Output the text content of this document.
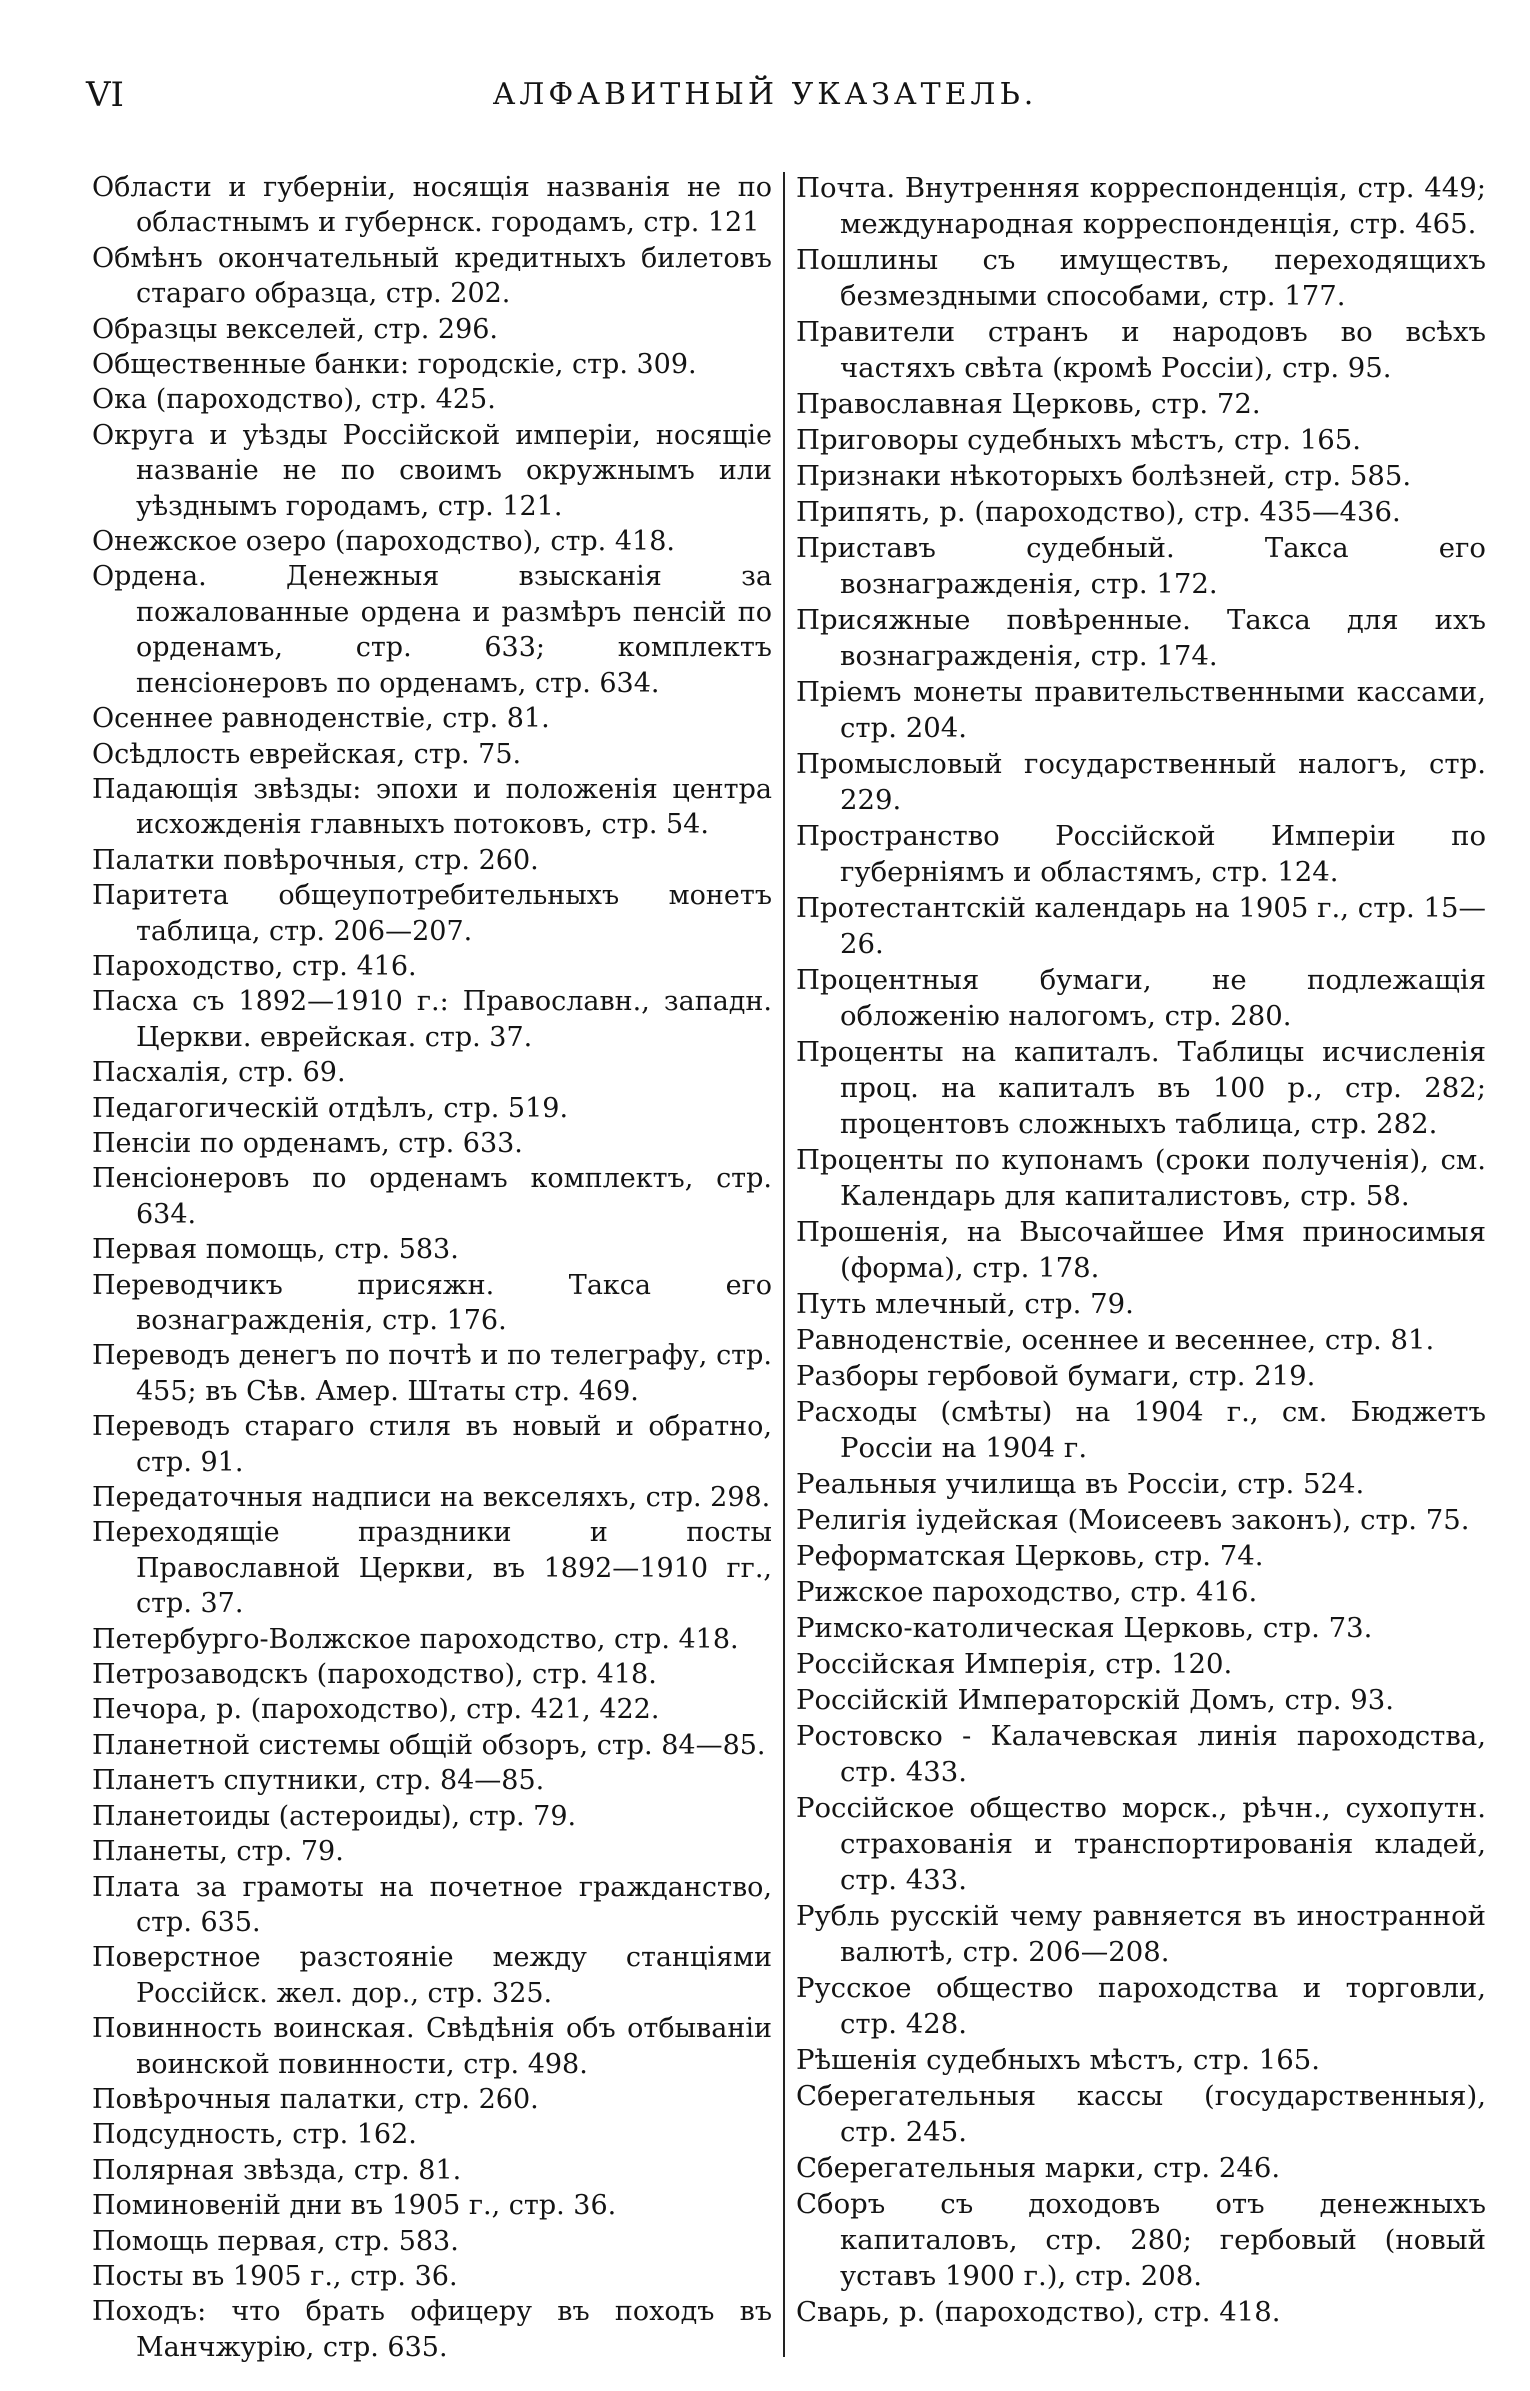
VI	АЛФАВИТНЫЙ УКАЗАТЕЛЬ.
Области и губерніи, носящія названія не по областнымъ и губернск. городамъ, стр. 121
Обмѣнъ окончательный кредитныхъ билетовъ стараго образца, стр. 202.
Образцы векселей, стр. 296.
Общественные банки: городскіе, стр. 309.
Ока (пароходство), стр. 425.
Округа и уѣзды Россійской имперіи, носящіе названіе не по своимъ окружнымъ или уѣзднымъ городамъ, стр. 121.
Онежское озеро (пароходство), стр. 418.
Ордена. Денежныя взысканія за пожалованные ордена и размѣръ пенсій по орденамъ, стр. 633; комплектъ пенсіонеровъ по орденамъ, стр. 634.
Осеннее равноденствіе, стр. 81.
Осѣдлость еврейская, стр. 75.
Падающія звѣзды: эпохи и положенія центра исхожденія главныхъ потоковъ, стр. 54.
Палатки повѣрочныя, стр. 260.
Паритета общеупотребительныхъ монетъ таблица, стр. 206—207.
Пароходство, стр. 416.
Пасха съ 1892—1910 г.: Православн., западн. Церкви. еврейская. стр. 37.
Пасхалія, стр. 69.
Педагогическій отдѣлъ, стр. 519.
Пенсіи по орденамъ, стр. 633.
Пенсіонеровъ по орденамъ комплектъ, стр. 634.
Первая помощь, стр. 583.
Переводчикъ присяжн. Такса его вознагражденія, стр. 176.
Переводъ денегъ по почтѣ и по телеграфу, стр. 455; въ Сѣв. Амер. Штаты стр. 469.
Переводъ стараго стиля въ новый и обратно, стр. 91.
Передаточныя надписи на векселяхъ, стр. 298.
Переходящіе праздники и посты Православной Церкви, въ 1892—1910 гг., стр. 37.
Петербурго-Волжское пароходство, стр. 418.
Петрозаводскъ (пароходство), стр. 418.
Печора, р. (пароходство), стр. 421, 422.
Планетной системы общій обзоръ, стр. 84—85.
Планетъ спутники, стр. 84—85.
Планетоиды (астероиды), стр. 79.
Планеты, стр. 79.
Плата за грамоты на почетное гражданство, стр. 635.
Поверстное разстояніе между станціями Россійск. жел. дор., стр. 325.
Повинность воинская. Свѣдѣнія объ отбываніи воинской повинности, стр. 498.
Повѣрочныя палатки, стр. 260.
Подсудность, стр. 162.
Полярная звѣзда, стр. 81.
Поминовеній дни въ 1905 г., стр. 36.
Помощь первая, стр. 583.
Посты въ 1905 г., стр. 36.
Походъ: что брать офицеру въ походъ въ Манчжурію, стр. 635.
Почта. Внутренняя корреспонденція, стр. 449; международная корреспонденція, стр. 465.
Пошлины съ имуществъ, переходящихъ безмездными способами, стр. 177.
Правители странъ и народовъ во всѣхъ частяхъ свѣта (кромѣ Россіи), стр. 95.
Православная Церковь, стр. 72.
Приговоры судебныхъ мѣстъ, стр. 165.
Признаки нѣкоторыхъ болѣзней, стр. 585.
Припять, р. (пароходство), стр. 435—436.
Приставъ судебный. Такса его вознагражденія, стр. 172.
Присяжные повѣренные. Такса для ихъ вознагражденія, стр. 174.
Пріемъ монеты правительственными кассами, стр. 204.
Промысловый государственный налогъ, стр. 229.
Пространство Россійской Имперіи по губерніямъ и областямъ, стр. 124.
Протестантскій календарь на 1905 г., стр. 15—26.
Процентныя бумаги, не подлежащія обложенію налогомъ, стр. 280.
Проценты на капиталъ. Таблицы исчисленія проц. на капиталъ въ 100 р., стр. 282; процентовъ сложныхъ таблица, стр. 282.
Проценты по купонамъ (сроки полученія), см. Календарь для капиталистовъ, стр. 58.
Прошенія, на Высочайшее Имя приносимыя (форма), стр. 178.
Путь млечный, стр. 79.
Равноденствіе, осеннее и весеннее, стр. 81.
Разборы гербовой бумаги, стр. 219.
Расходы (смѣты) на 1904 г., см. Бюджетъ Россіи на 1904 г.
Реальныя училища въ Россіи, стр. 524.
Религія іудейская (Моисеевъ законъ), стр. 75.
Реформатская Церковь, стр. 74.
Рижское пароходство, стр. 416.
Римско-католическая Церковь, стр. 73.
Россійская Имперія, стр. 120.
Россійскій Императорскій Домъ, стр. 93.
Ростовско - Калачевская линія пароходства, стр. 433.
Россійское общество морск., рѣчн., сухопутн. страхованія и транспортированія кладей, стр. 433.
Рубль русскій чему равняется въ иностранной валютѣ, стр. 206—208.
Русское общество пароходства и торговли, стр. 428.
Рѣшенія судебныхъ мѣстъ, стр. 165.
Сберегательныя кассы (государственныя), стр. 245.
Сберегательныя марки, стр. 246.
Сборъ съ доходовъ отъ денежныхъ капиталовъ, стр. 280; гербовый (новый уставъ 1900 г.), стр. 208.
Сварь, р. (пароходство), стр. 418.
